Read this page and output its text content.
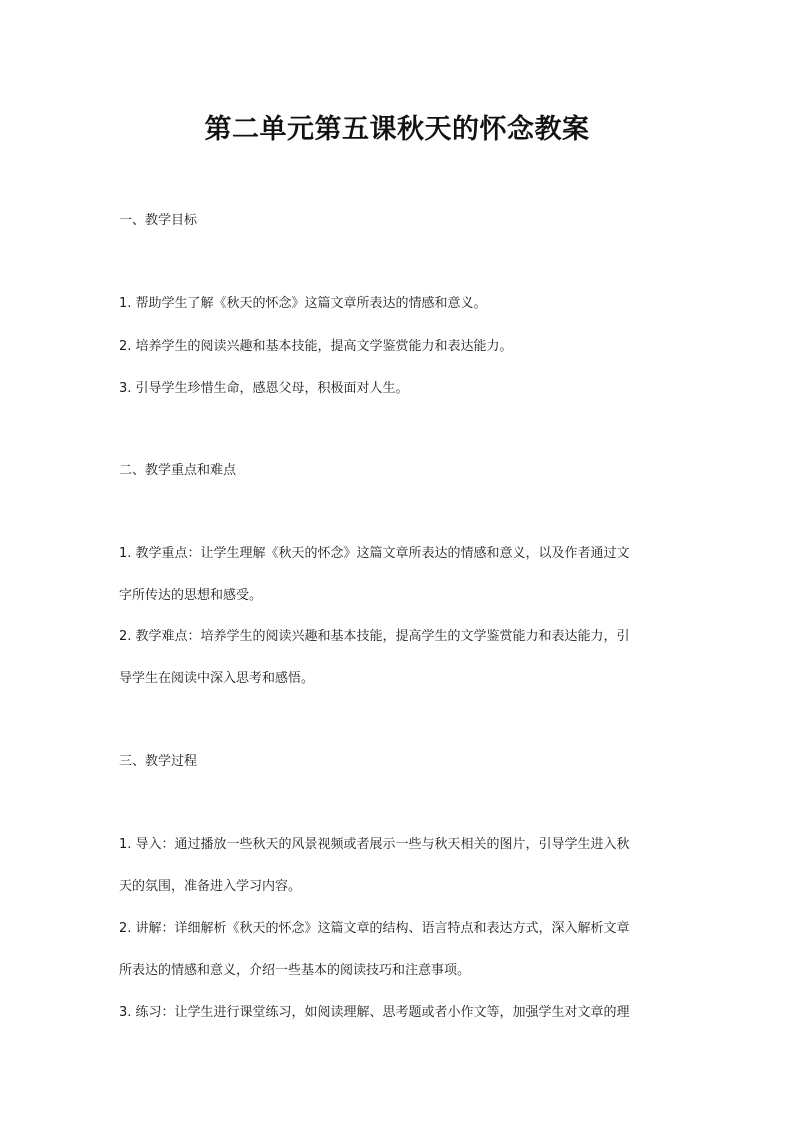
第二单元第五课秋天的怀念教案
一、教学目标
1. 帮助学生了解《秋天的怀念》这篇文章所表达的情感和意义。
2. 培养学生的阅读兴趣和基本技能，提高文学鉴赏能力和表达能力。
3. 引导学生珍惜生命，感恩父母，积极面对人生。
二、教学重点和难点
1. 教学重点：让学生理解《秋天的怀念》这篇文章所表达的情感和意义，以及作者通过文
字所传达的思想和感受。
2. 教学难点：培养学生的阅读兴趣和基本技能，提高学生的文学鉴赏能力和表达能力，引
导学生在阅读中深入思考和感悟。
三、教学过程
1. 导入：通过播放一些秋天的风景视频或者展示一些与秋天相关的图片，引导学生进入秋
天的氛围，准备进入学习内容。
2. 讲解：详细解析《秋天的怀念》这篇文章的结构、语言特点和表达方式，深入解析文章
所表达的情感和意义，介绍一些基本的阅读技巧和注意事项。
3. 练习：让学生进行课堂练习，如阅读理解、思考题或者小作文等，加强学生对文章的理
